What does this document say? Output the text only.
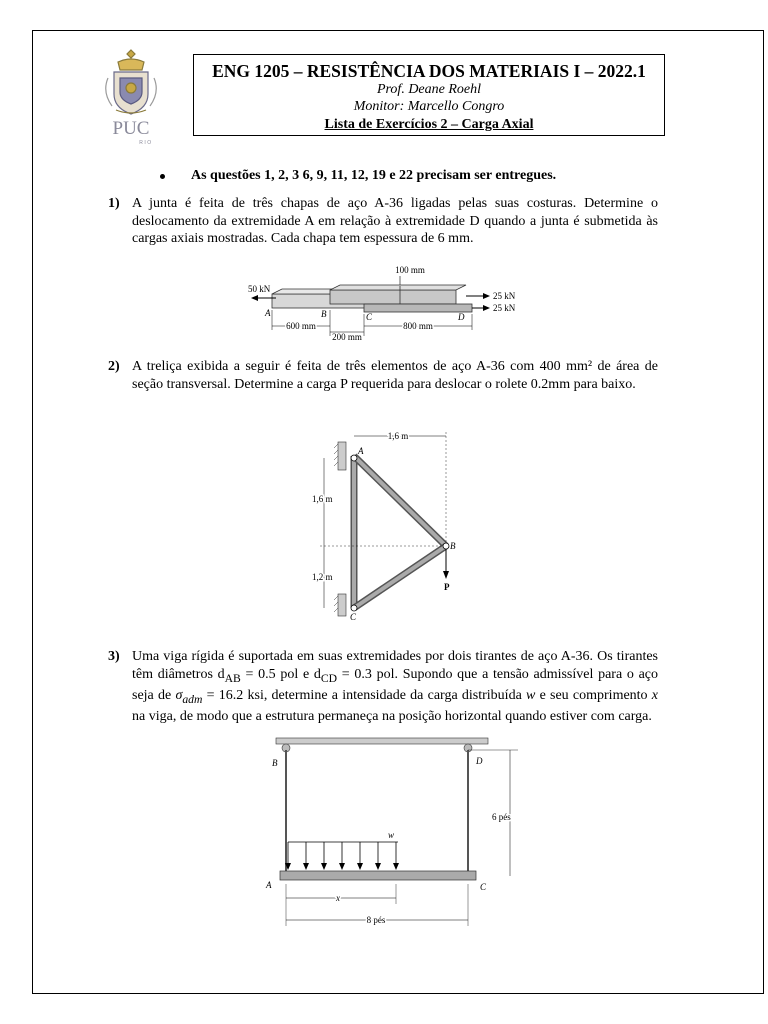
PUC
RIO
ENG 1205 – RESISTÊNCIA DOS MATERIAIS I – 2022.1
Prof. Deane Roehl
Monitor: Marcello Congro
Lista de Exercícios 2 – Carga Axial
As questões 1, 2, 3 6, 9, 11, 12, 19 e 22 precisam ser entregues.
1) A junta é feita de três chapas de aço A-36 ligadas pelas suas costuras. Determine o deslocamento da extremidade A em relação à extremidade D quando a junta é submetida às cargas axiais mostradas. Cada chapa tem espessura de 6 mm.
100 mm
50 kN
25 kN
25 kN
A	B	C	D
600 mm
200 mm
800 mm
2) A treliça exibida a seguir é feita de três elementos de aço A-36 com 400 mm² de área de seção transversal. Determine a carga P requerida para deslocar o rolete 0.2mm para baixo.
P
A
B
C
1,6 m
1,6 m
1,2 m
3) Uma viga rígida é suportada em suas extremidades por dois tirantes de aço A-36. Os tirantes têm diâmetros $d_{AB} = 0.5$ pol e $d_{CD} = 0.3$ pol. Supondo que a tensão admissível para o aço seja de $\sigma_{adm} = 16.2$ ksi, determine a intensidade da carga distribuída w e seu comprimento x na viga, de modo que a estrutura permaneça na posição horizontal quando estiver com carga.
w
B	D
A	C
6 pés
x
8 pés
